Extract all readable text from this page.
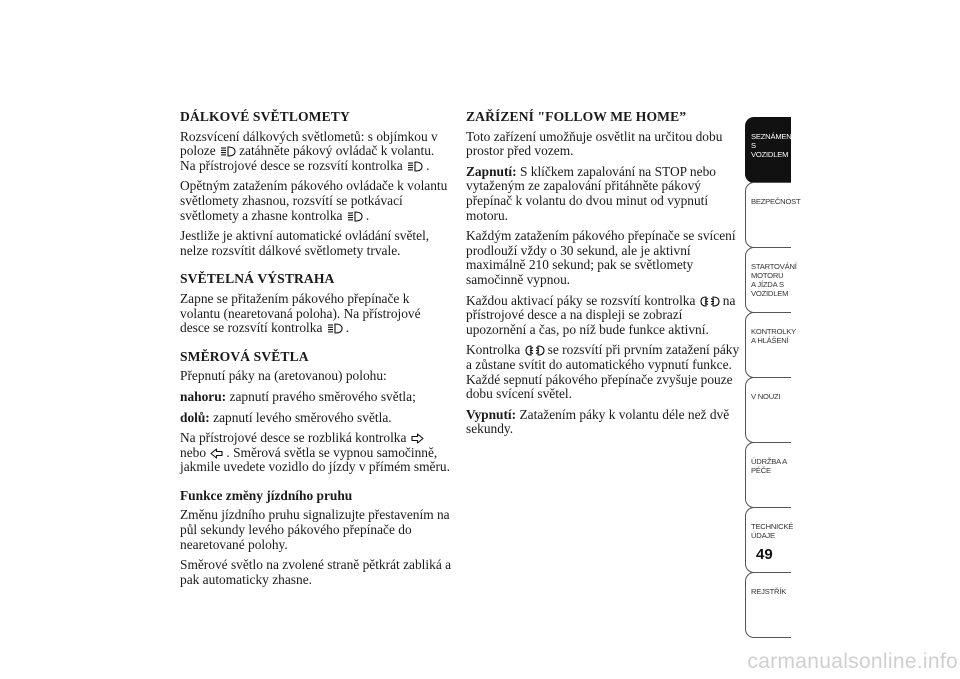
DÁLKOVÉ SVĚTLOMETY

Rozsvícení dálkových světlometů: s objímkou v poloze zatáhněte pákový ovládač k volantu. Na přístrojové desce se rozsvítí kontrolka .

Opětným zatažením pákového ovládače k volantu světlomety zhasnou, rozsvítí se potkávací světlomety a zhasne kontrolka .

Jestliže je aktivní automatické ovládání světel, nelze rozsvítit dálkové světlomety trvale.

SVĚTELNÁ VÝSTRAHA

Zapne se přitažením pákového přepínače k volantu (nearetovaná poloha). Na přístrojové desce se rozsvítí kontrolka .

SMĚROVÁ SVĚTLA

Přepnutí páky na (aretovanou) polohu:

nahoru: zapnutí pravého směrového světla;

dolů: zapnutí levého směrového světla.

Na přístrojové desce se rozbliká kontrolka
nebo . Směrová světla se vypnou samočinně, jakmile uvedete vozidlo do jízdy v přímém směru.

Funkce změny jízdního pruhu

Změnu jízdního pruhu signalizujte přestavením na půl sekundy levého pákového přepínače do nearetované polohy.

Směrové světlo na zvolené straně pětkrát zabliká a pak automaticky zhasne.

ZAŘÍZENÍ "FOLLOW ME HOME”

Toto zařízení umožňuje osvětlit na určitou dobu prostor před vozem.

Zapnutí: S klíčkem zapalování na STOP nebo vytaženým ze zapalování přitáhněte pákový přepínač k volantu do dvou minut od vypnutí motoru.

Každým zatažením pákového přepínače se svícení prodlouží vždy o 30 sekund, ale je aktivní maximálně 210 sekund; pak se světlomety samočinně vypnou.

Každou aktivací páky se rozsvítí kontrolka na přístrojové desce a na displeji se zobrazí upozornění a čas, po níž bude funkce aktivní.

Kontrolka se rozsvítí při prvním zatažení páky a zůstane svítit do automatického vypnutí funkce. Každé sepnutí pákového přepínače zvyšuje pouze dobu svícení světel.

Vypnutí: Zatažením páky k volantu déle než dvě sekundy.

SEZNÁMENÍ S VOZIDLEM
BEZPEČNOST
STARTOVÁNÍ MOTORU A JÍZDA S VOZIDLEM
KONTROLKY A HLÁŠENÍ
V NOUZI
ÚDRŽBA A PÉČE
TECHNICKÉ ÚDAJE
REJSTŘÍK
49
carmanualsonline.info
